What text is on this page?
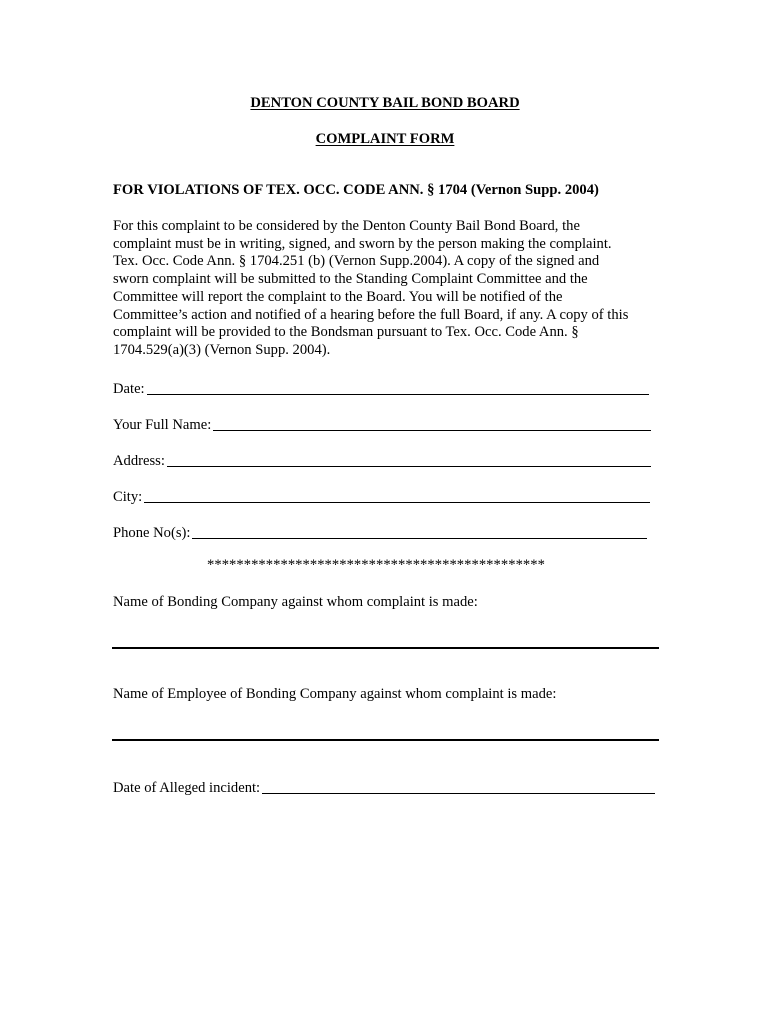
DENTON COUNTY BAIL BOND BOARD
COMPLAINT FORM
FOR VIOLATIONS OF TEX. OCC. CODE ANN. § 1704 (Vernon Supp. 2004)
For this complaint to be considered by the Denton County Bail Bond Board, the
complaint must be in writing, signed, and sworn by the person making the complaint.
Tex. Occ. Code Ann. § 1704.251 (b) (Vernon Supp.2004). A copy of the signed and
sworn complaint will be submitted to the Standing Complaint Committee and the
Committee will report the complaint to the Board. You will be notified of the
Committee’s action and notified of a hearing before the full Board, if any. A copy of this
complaint will be provided to the Bondsman pursuant to Tex. Occ. Code Ann. §
1704.529(a)(3) (Vernon Supp. 2004).
Date:
Your Full Name:
Address:
City:
Phone No(s):
**********************************************
Name of Bonding Company against whom complaint is made:
Name of Employee of Bonding Company against whom complaint is made:
Date of Alleged incident:
